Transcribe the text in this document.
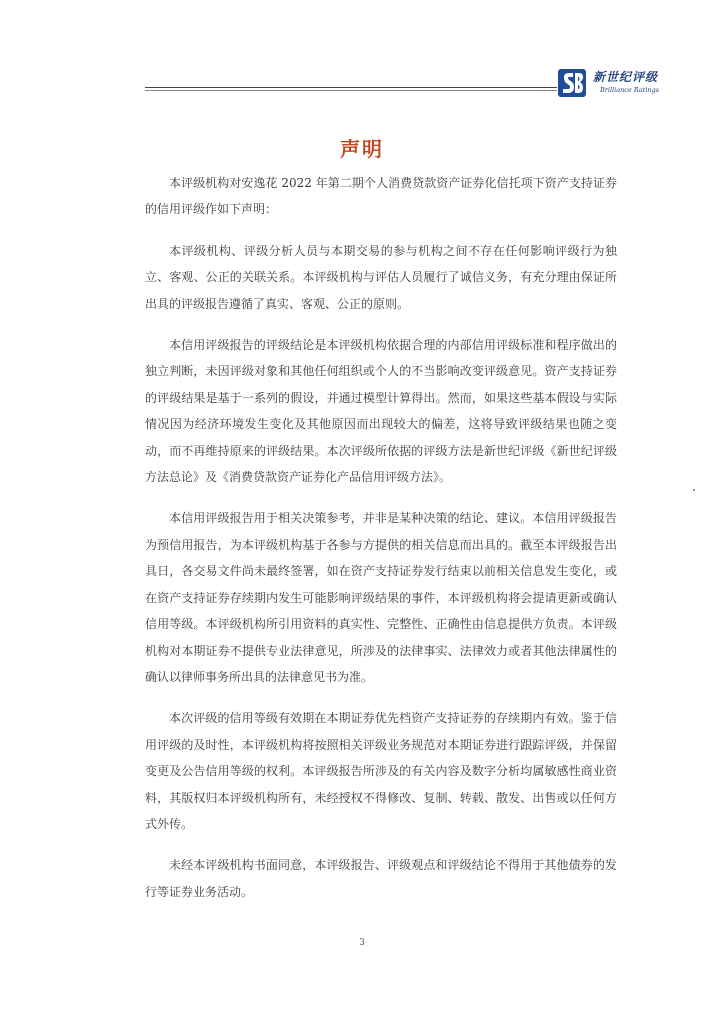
新世纪评级
Brilliance Ratings
声明

本评级机构对安逸花 2022 年第二期个人消费贷款资产证券化信托项下资产支持证券的信用评级作如下声明：

本评级机构、评级分析人员与本期交易的参与机构之间不存在任何影响评级行为独立、客观、公正的关联关系。本评级机构与评估人员履行了诚信义务，有充分理由保证所出具的评级报告遵循了真实、客观、公正的原则。

本信用评级报告的评级结论是本评级机构依据合理的内部信用评级标准和程序做出的独立判断，未因评级对象和其他任何组织或个人的不当影响改变评级意见。资产支持证券的评级结果是基于一系列的假设，并通过模型计算得出。然而，如果这些基本假设与实际情况因为经济环境发生变化及其他原因而出现较大的偏差，这将导致评级结果也随之变动，而不再维持原来的评级结果。本次评级所依据的评级方法是新世纪评级《新世纪评级方法总论》及《消费贷款资产证券化产品信用评级方法》。

本信用评级报告用于相关决策参考，并非是某种决策的结论、建议。本信用评级报告为预信用报告，为本评级机构基于各参与方提供的相关信息而出具的。截至本评级报告出具日，各交易文件尚未最终签署，如在资产支持证券发行结束以前相关信息发生变化，或在资产支持证券存续期内发生可能影响评级结果的事件，本评级机构将会提请更新或确认信用等级。本评级机构所引用资料的真实性、完整性、正确性由信息提供方负责。本评级机构对本期证券不提供专业法律意见，所涉及的法律事实、法律效力或者其他法律属性的确认以律师事务所出具的法律意见书为准。

本次评级的信用等级有效期在本期证券优先档资产支持证券的存续期内有效。鉴于信用评级的及时性，本评级机构将按照相关评级业务规范对本期证券进行跟踪评级，并保留变更及公告信用等级的权利。本评级报告所涉及的有关内容及数字分析均属敏感性商业资料，其版权归本评级机构所有，未经授权不得修改、复制、转载、散发、出售或以任何方式外传。

未经本评级机构书面同意，本评级报告、评级观点和评级结论不得用于其他债券的发行等证券业务活动。

3
